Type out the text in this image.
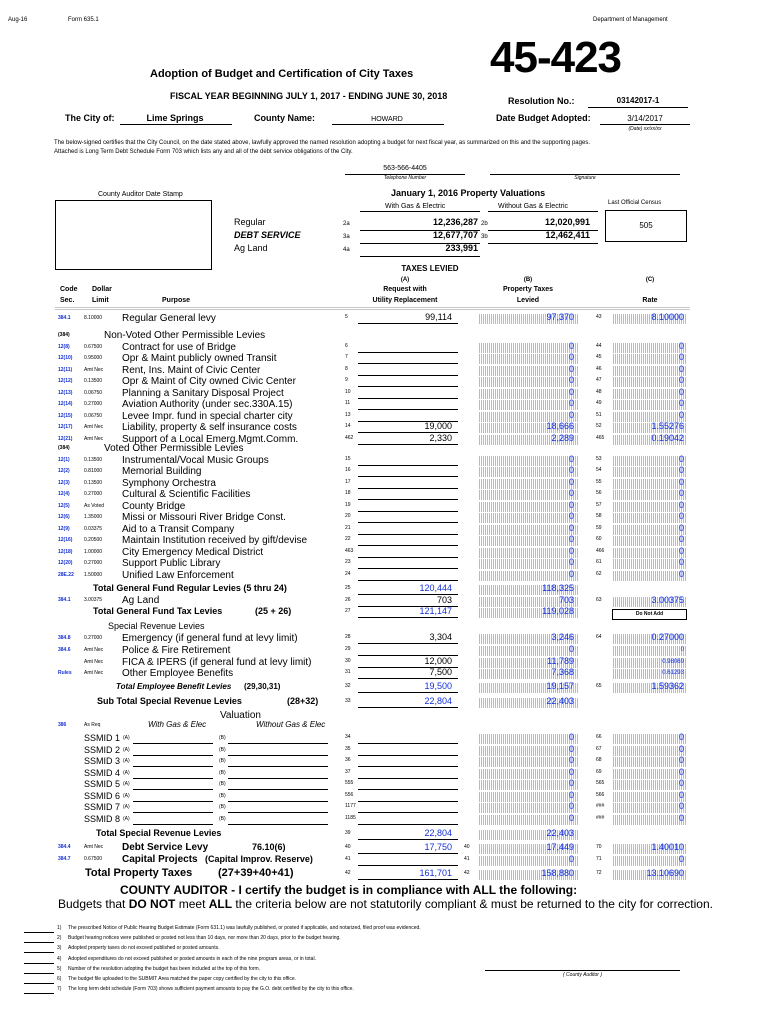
Aug-16	Form 635.1	Department of Management
45-423
Adoption of Budget and Certification of City Taxes
FISCAL YEAR BEGINNING JULY 1, 2017 - ENDING JUNE 30, 2018	Resolution No.:	03142017-1
The City of:	Lime Springs	County Name:	HOWARD	Date Budget Adopted:	3/14/2017
(Date) xx/xx/xx
The below-signed certifies that the City Council, on the date stated above, lawfully approved the named resolution adopting a budget for next fiscal year, as summarized on this and the supporting pages.
Attached is Long Term Debt Schedule Form 703 which lists any and all of the debt service obligations of the City.
563-566-4405
Telephone Number	Signature
County Auditor Date Stamp	January 1, 2016 Property Valuations
With Gas & Electric	Without Gas & Electric	Last Official Census
505
TAXES LEVIED
(A)
Request with
Utility Replacement
(B)
Property Taxes
Levied
(C)
Rate
Code
Sec.
Dollar
Limit	Purpose
COUNTY AUDITOR - I certify the budget is in compliance with ALL the following:
Budgets that DO NOT meet ALL the criteria below are not statutorily compliant & must be returned to the city for correction.
( County Auditor )
Regular	2a	12,236,287 2b	12,020,991
DEBT SERVICE	3a	12,677,707 3b	12,462,411
Ag Land	4a	233,991
384.1	8.10000 Regular General levy	5	99,114	97,370	43	8.10000
(384)	Non-Voted Other Permissible Levies
12(8)	0.67500 Contract for use of Bridge	6	0	44	0
12(10) 0.95000 Opr & Maint publicly owned Transit	7	0	45	0
12(11) Amt Nec Rent, Ins. Maint of Civic Center	8	0	46	0
12(12) 0.13500 Opr & Maint of City owned Civic Center	9	0	47	0
12(13) 0.06750 Planning a Sanitary Disposal Project	10	0	48	0
12(14) 0.27000 Aviation Authority (under sec.330A.15)	11	0	49	0
12(15) 0.06750 Levee Impr. fund in special charter city	13	0	51	0
12(17) Amt Nec Liability, property & self insurance costs	14	19,000	18,666	52	1.55276
12(21) Amt Nec Support of a Local Emerg.Mgmt.Comm.	462	2,330	2,289	465	0.19042
(384)	Voted Other Permissible Levies
12(1)	0.13500 Instrumental/Vocal Music Groups	15	0	53	0
12(2)	0.81000 Memorial Building	16	0	54	0
12(3)	0.13500 Symphony Orchestra	17	0	55	0
12(4)	0.27000 Cultural & Scientific Facilities	18	0	56	0
12(5)	As Voted County Bridge	19	0	57	0
12(6)	1.35000 Missi or Missouri River Bridge Const.	20	0	58	0
12(9)	0.03375 Aid to a Transit Company	21	0	59	0
12(16) 0.20500 Maintain Institution received by gift/devise	22	0	60	0
12(18) 1.00000 City Emergency Medical District	463	0	466	0
12(20) 0.27000 Support Public Library	23	0	61	0
28E.22 1.50000 Unified Law Enforcement	24	0	62	0
Total General Fund Regular Levies (5 thru 24)	25	120,444	118,325
384.1	3.00375 Ag Land	26	703	703	63	3.00375
Total General Fund Tax Levies	(25 + 26)	27	121,147	119,028	Do Not Add
Special Revenue Levies
384.8	0.27000 Emergency (if general fund at levy limit)	28	3,304	3,246	64	0.27000
384.6	Amt Nec Police & Fire Retirement	29	0	0
Amt Nec FICA & IPERS (if general fund at levy limit)	30	12,000	11,789	0.98069
Rules Amt Nec Other Employee Benefits	31	7,500	7,368	0.61293
Total Employee Benefit Levies (29,30,31)	32	19,500	19,157	65	1.59362
Sub Total Special Revenue Levies	(28+32)	33	22,804	22,403
Valuation
With Gas & Elec	Without Gas & Elec
386	As Req
SSMID 1 (A)	(B)	34	0	66	0
SSMID 2 (A)	(B)	35	0	67	0
SSMID 3 (A)	(B)	36	0	68	0
SSMID 4 (A)	(B)	37	0	69	0
SSMID 5 (A)	(B)	555	0	565	0
SSMID 6 (A)	(B)	556	0	566	0
SSMID 7 (A)	(B)	1177	0	###	0
SSMID 8 (A)	(B)	1185	0	###	0
Total Special Revenue Levies	39	22,804	22,403
384.4	Amt Nec Debt Service Levy	76.10(6)	40	17,750 40	17,449	70	1.40010
384.7	0.67500 Capital Projects (Capital Improv. Reserve)	41	41	0	71	0
Total Property Taxes (27+39+40+41)	42	161,701 42	158,880	72	13.10690
1) The prescribed Notice of Public Hearing Budget Estimate (Form 631.1) was lawfully published, or posted if applicable, and notarized, filed proof was evidenced.
2) Budget hearing notices were published or posted not less than 10 days, nor more than 20 days, prior to the budget hearing.
3) Adopted property taxes do not exceed published or posted amounts.
4) Adopted expenditures do not exceed published or posted amounts in each of the nine program areas, or in total.
5) Number of the resolution adopting the budget has been included at the top of this form.
6) The budget file uploaded to the SUBMIT Area matched the paper copy certified by the city to this office.
7) The long term debt schedule (Form 703) shows sufficient payment amounts to pay the G.O. debt certified by the city to this office.
